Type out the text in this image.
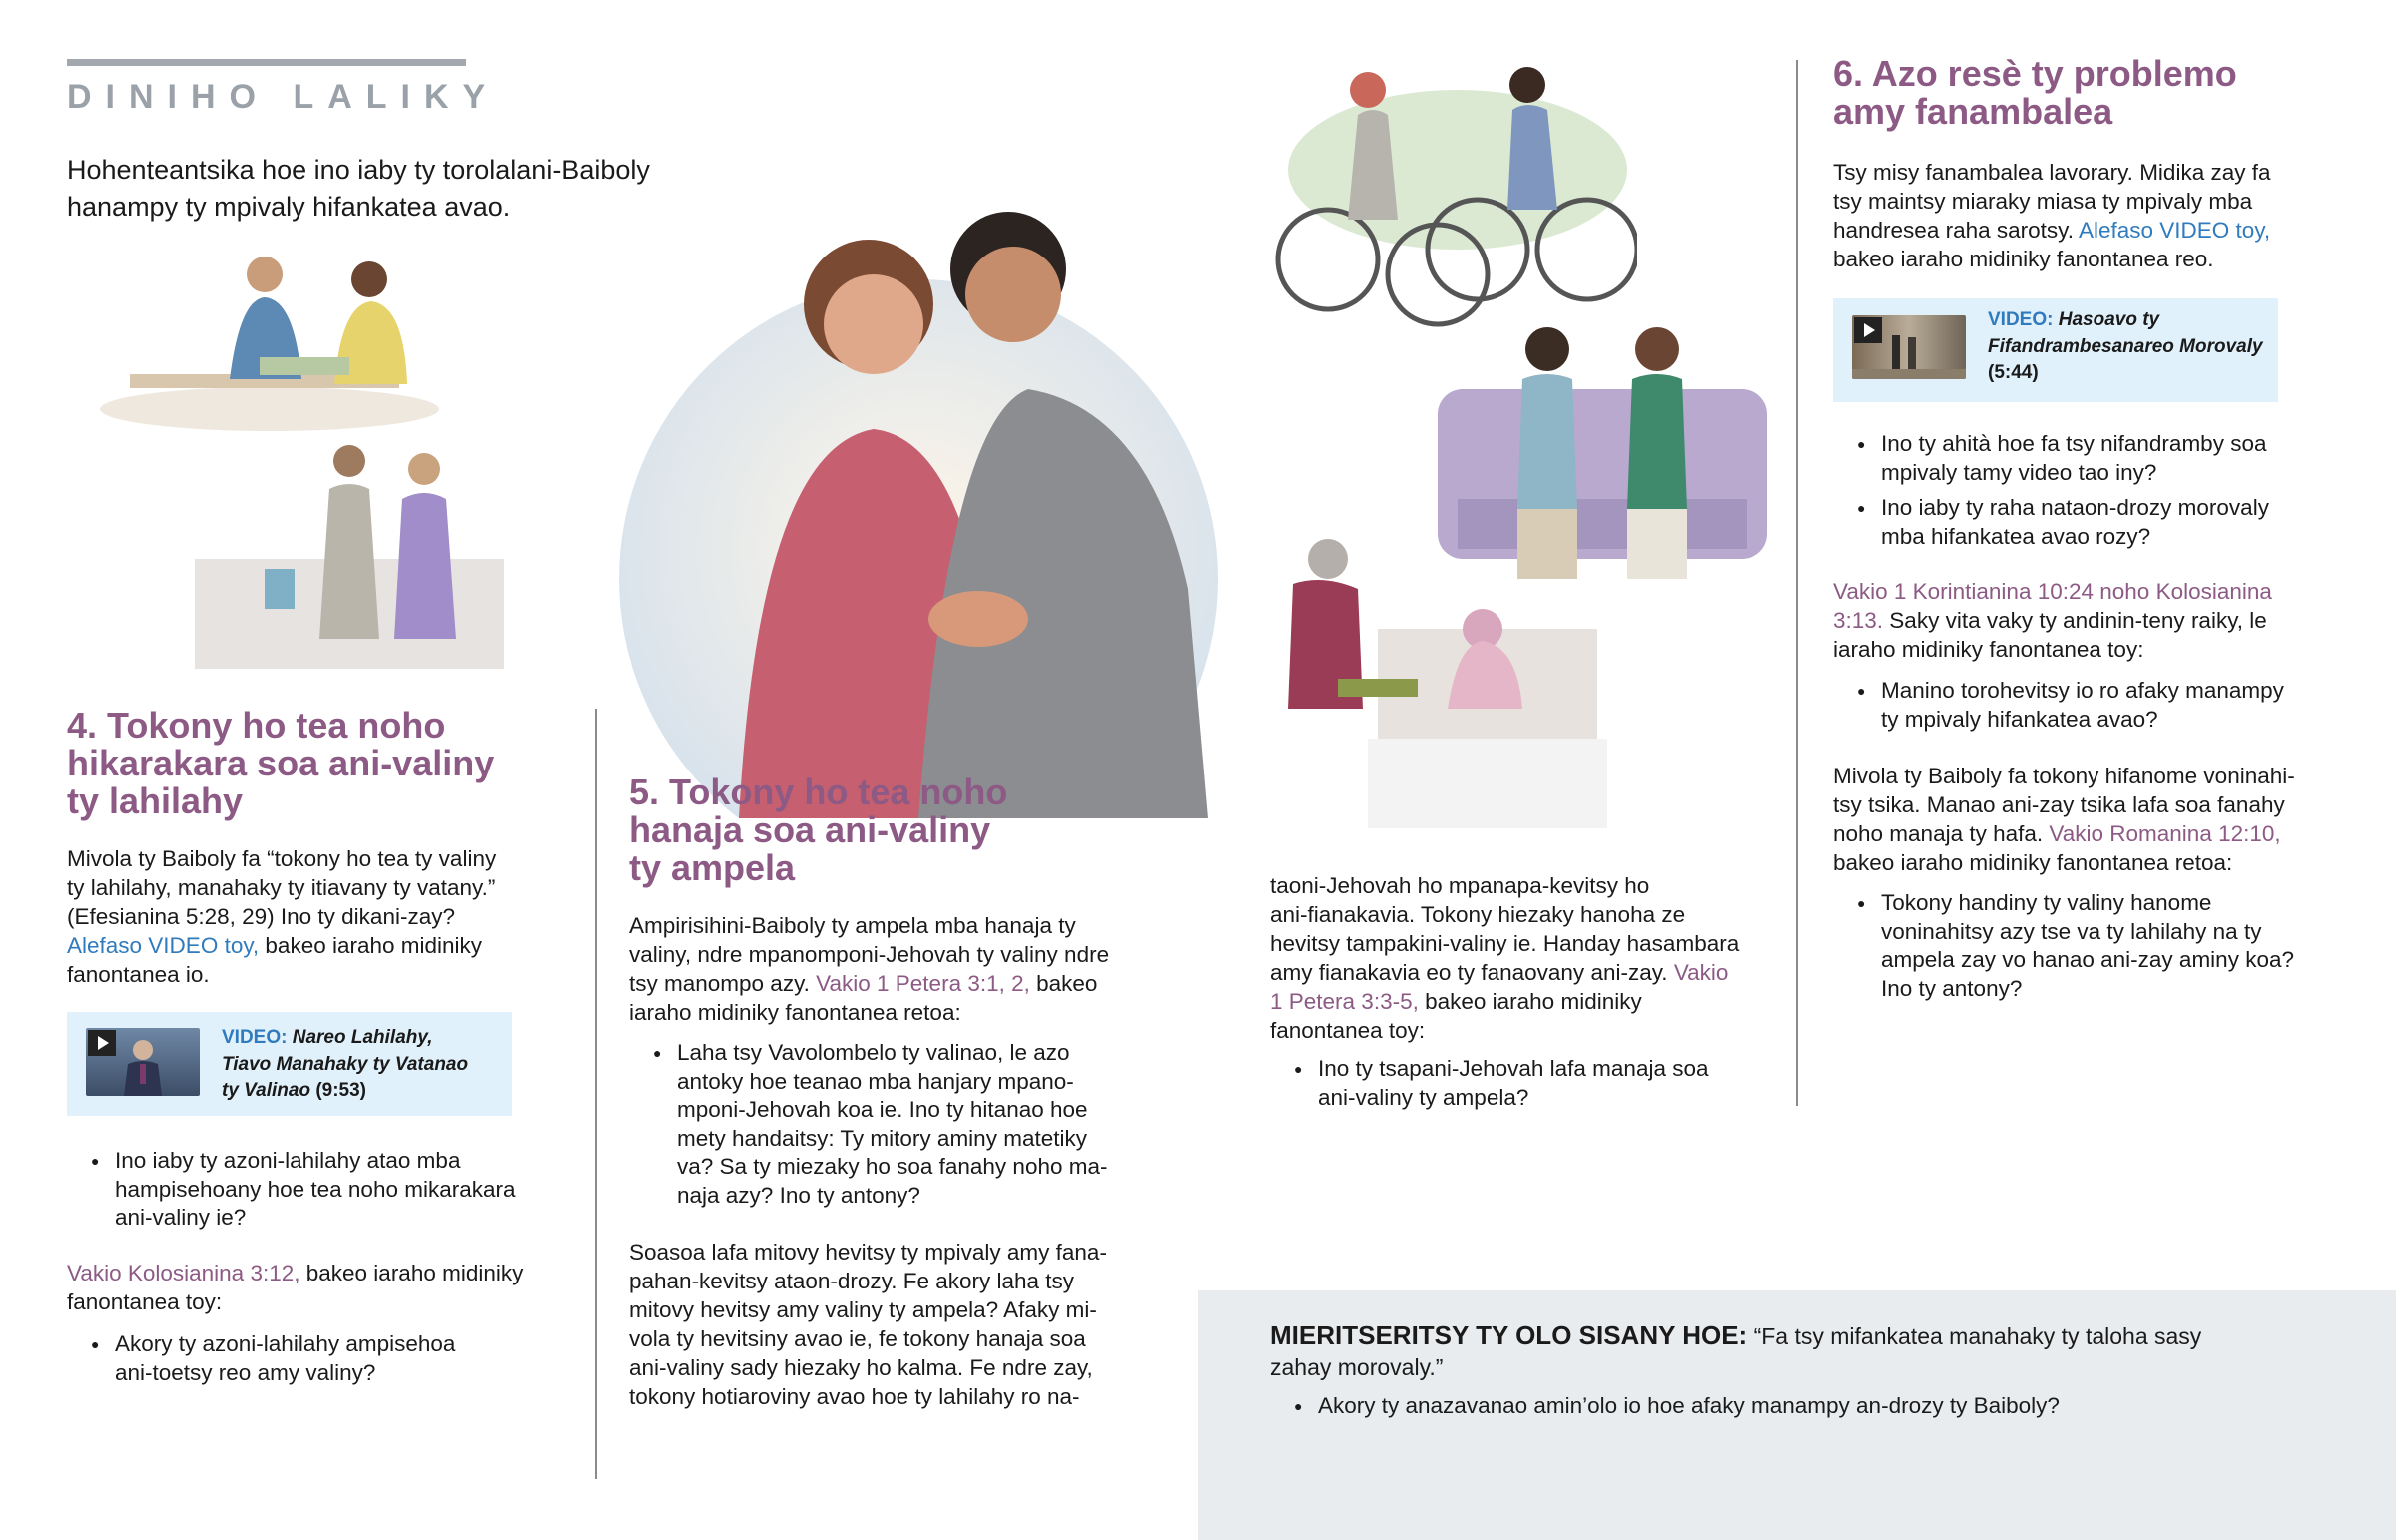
DINIHO LALIKY
Hohenteantsika hoe ino iaby ty torolalani-Baiboly hanampy ty mpivaly hifankatea avao.
4. Tokony ho tea noho
hikarakara soa ani-valiny
ty lahilahy
Mivola ty Baiboly fa “tokony ho tea ty valiny
ty lahilahy, manahaky ty itiavany ty vatany.”
(Efesianina 5:28, 29) Ino ty dikani-zay?
Alefaso VIDEO toy, bakeo iaraho midiniky
fanontanea io.
VIDEO: Nareo Lahilahy,
Tiavo Manahaky ty Vatanao
ty Valinao (9:53)
● Ino iaby ty azoni-lahilahy atao mba
hampisehoany hoe tea noho mikarakara
ani-valiny ie?
Vakio Kolosianina 3:12, bakeo iaraho midiniky
fanontanea toy:
● Akory ty azoni-lahilahy ampisehoa
ani-toetsy reo amy valiny?
5. Tokony ho tea noho
hanaja soa ani-valiny
ty ampela
Ampirisihini-Baiboly ty ampela mba hanaja ty
valiny, ndre mpanomponi-Jehovah ty valiny ndre
tsy manompo azy. Vakio 1 Petera 3:1, 2, bakeo
iaraho midiniky fanontanea retoa:
● Laha tsy Vavolombelo ty valinao, le azo
antoky hoe teanao mba hanjary mpano-
mponi-Jehovah koa ie. Ino ty hitanao hoe
mety handaitsy: Ty mitory aminy matetiky
va? Sa ty miezaky ho soa fanahy noho ma-
naja azy? Ino ty antony?
Soasoa lafa mitovy hevitsy ty mpivaly amy fana-
pahan-kevitsy ataon-drozy. Fe akory laha tsy
mitovy hevitsy amy valiny ty ampela? Afaky mi-
vola ty hevitsiny avao ie, fe tokony hanaja soa
ani-valiny sady hiezaky ho kalma. Fe ndre zay,
tokony hotiaroviny avao hoe ty lahilahy ro na-
taoni-Jehovah ho mpanapa-kevitsy ho
ani-fianakavia. Tokony hiezaky hanoha ze
hevitsy tampakini-valiny ie. Handay hasambara
amy fianakavia eo ty fanaovany ani-zay. Vakio
1 Petera 3:3-5, bakeo iaraho midiniky
fanontanea toy:
● Ino ty tsapani-Jehovah lafa manaja soa
ani-valiny ty ampela?
6. Azo resè ty problemo
amy fanambalea
Tsy misy fanambalea lavorary. Midika zay fa
tsy maintsy miaraky miasa ty mpivaly mba
handresea raha sarotsy. Alefaso VIDEO toy,
bakeo iaraho midiniky fanontanea reo.
VIDEO: Hasoavo ty
Fifandrambesanareo Morovaly
(5:44)
● Ino ty ahità hoe fa tsy nifandramby soa
mpivaly tamy video tao iny?
● Ino iaby ty raha nataon-drozy morovaly
mba hifankatea avao rozy?
Vakio 1 Korintianina 10:24 noho Kolosianina
3:13. Saky vita vaky ty andinin-teny raiky, le
iaraho midiniky fanontanea toy:
● Manino torohevitsy io ro afaky manampy
ty mpivaly hifankatea avao?
Mivola ty Baiboly fa tokony hifanome voninahi-
tsy tsika. Manao ani-zay tsika lafa soa fanahy
noho manaja ty hafa. Vakio Romanina 12:10,
bakeo iaraho midiniky fanontanea retoa:
● Tokony handiny ty valiny hanome
voninahitsy azy tse va ty lahilahy na ty
ampela zay vo hanao ani-zay aminy koa?
Ino ty antony?
MIERITSERITSY TY OLO SISANY HOE: “Fa tsy mifankatea manahaky ty taloha sasy
zahay morovaly.”
● Akory ty anazavanao amin’olo io hoe afaky manampy an-drozy ty Baiboly?
